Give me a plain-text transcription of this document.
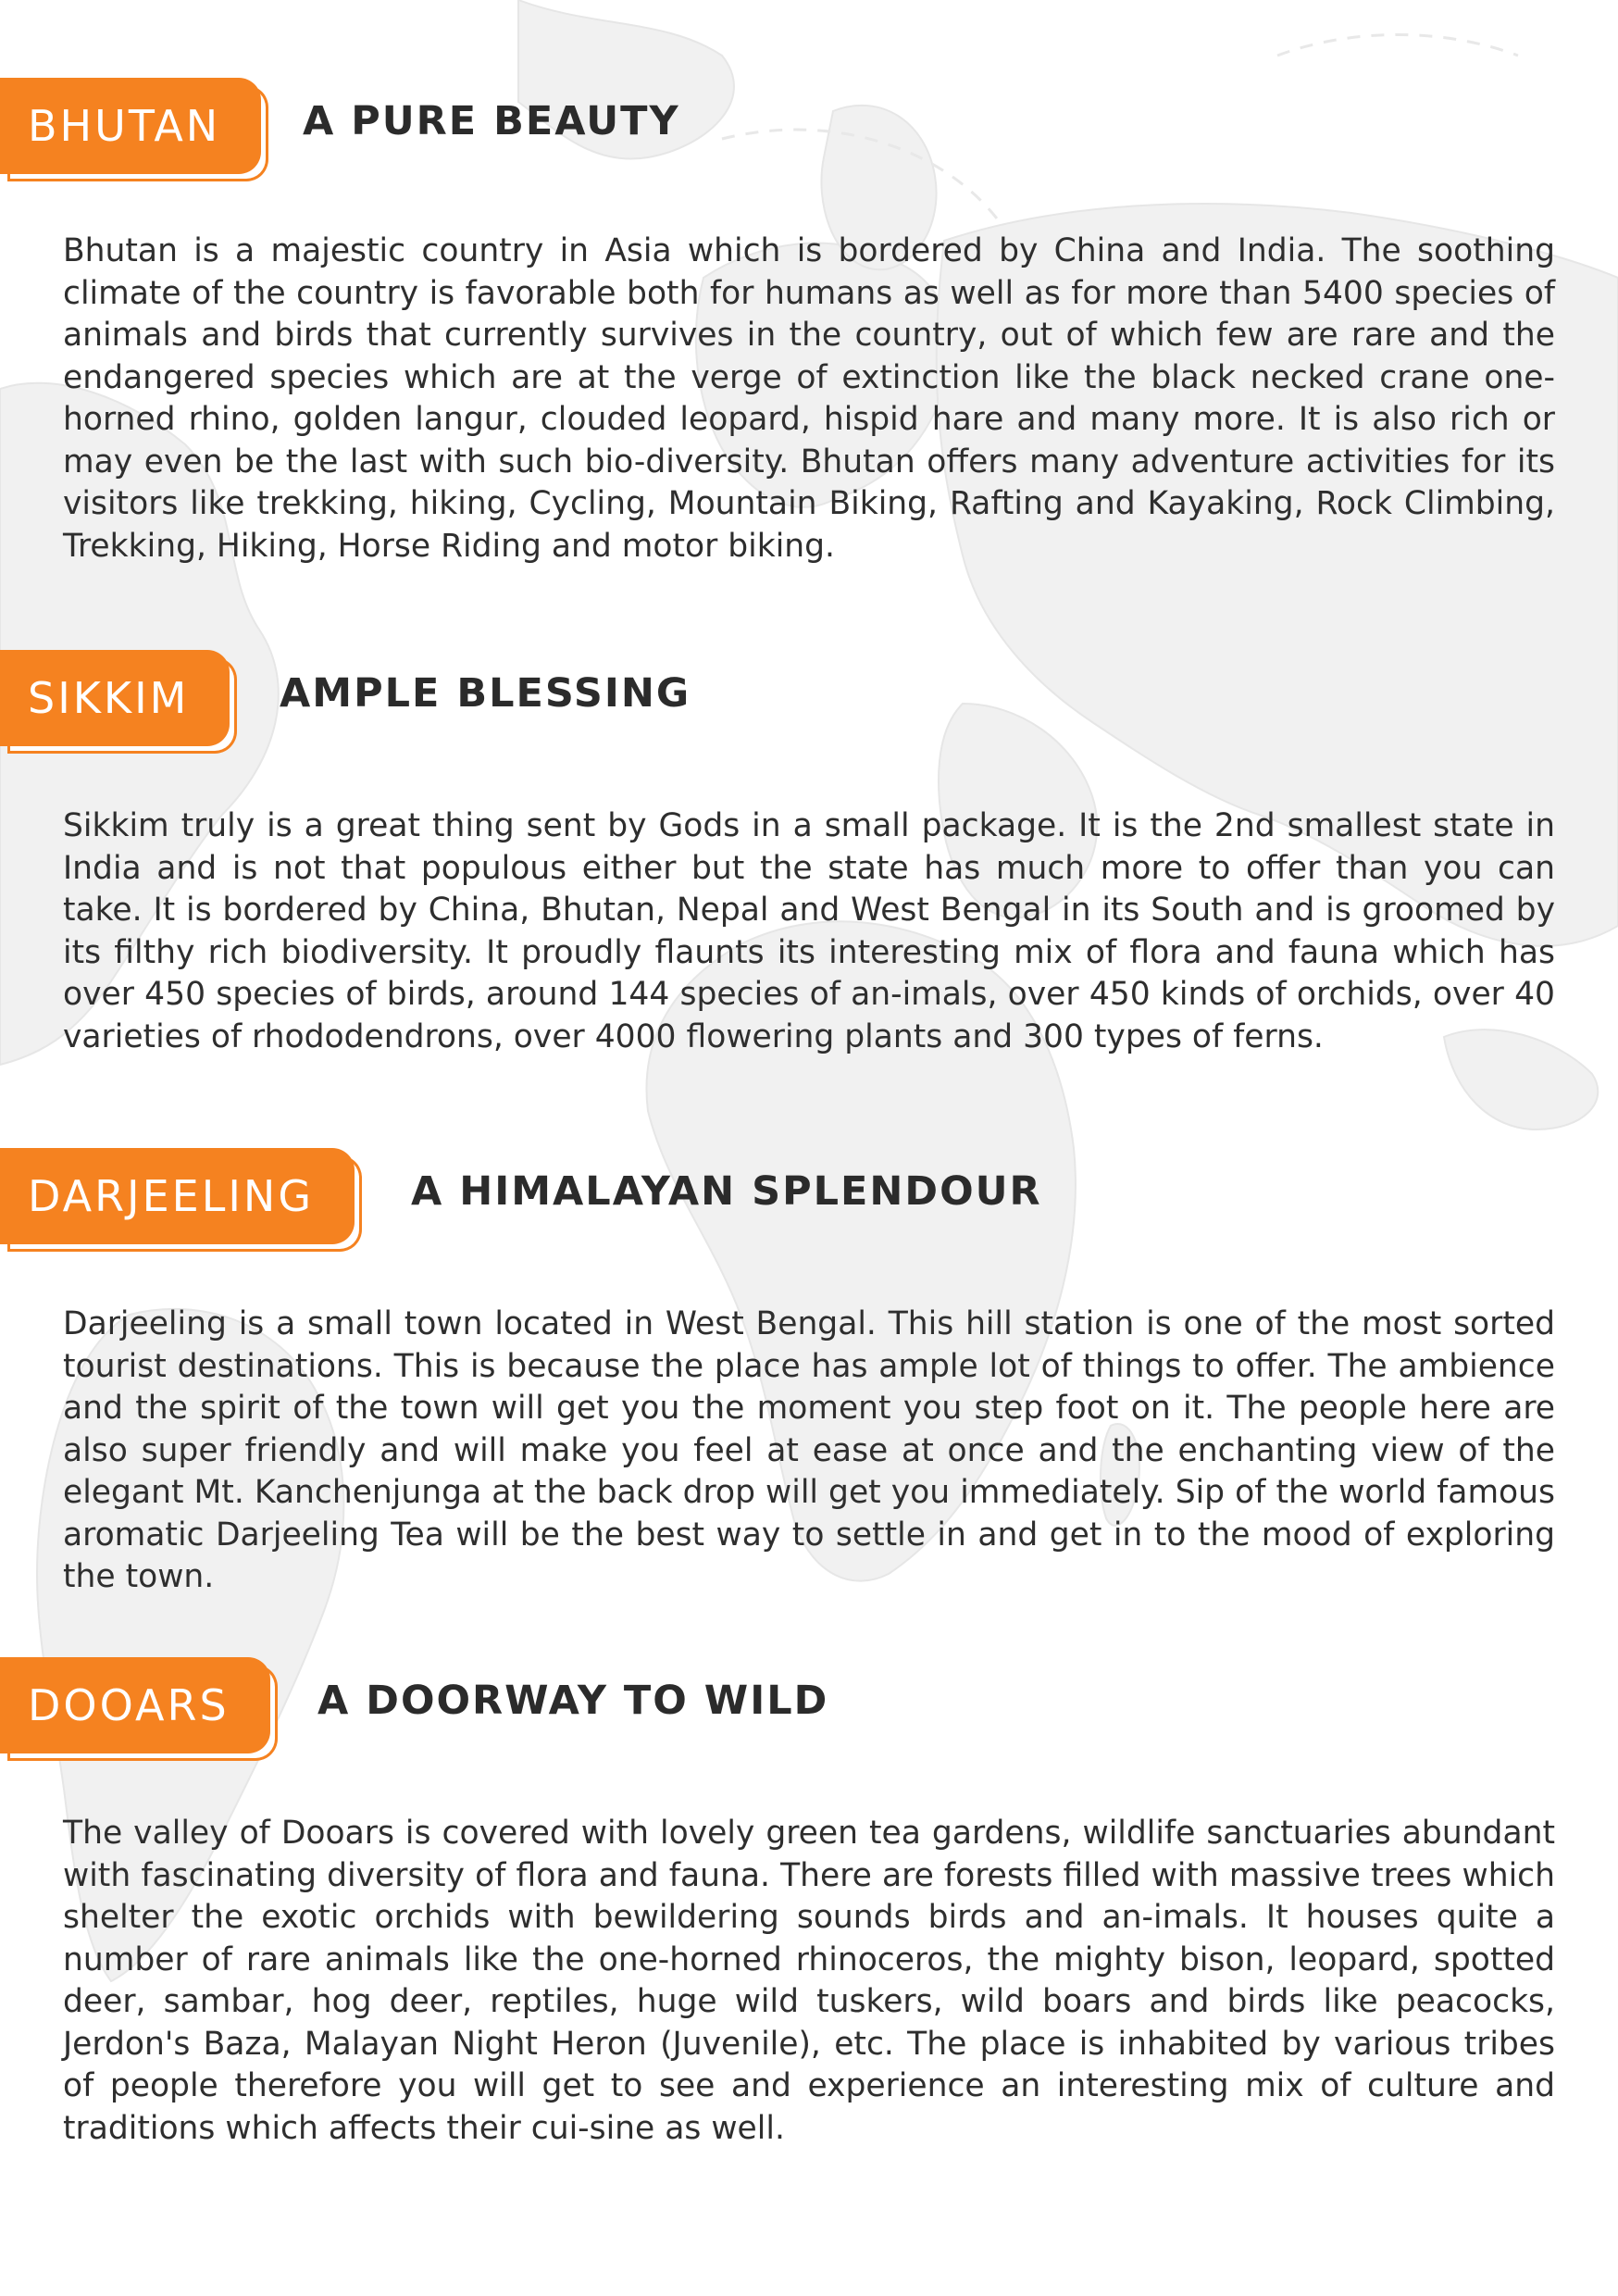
BHUTAN A PURE BEAUTY

Bhutan is a majestic country in Asia which is bordered by China and India. The soothing climate of the country is favorable both for humans as well as for more than 5400 species of animals and birds that currently survives in the country, out of which few are rare and the endangered species which are at the verge of extinction like the black necked crane one-horned rhino, golden langur, clouded leopard, hispid hare and many more. It is also rich or may even be the last with such bio-diversity. Bhutan offers many adventure activities for its visitors like trekking, hiking, Cycling, Mountain Biking, Rafting and Kayaking, Rock Climbing, Trekking, Hiking, Horse Riding and motor biking.

SIKKIM AMPLE BLESSING

Sikkim truly is a great thing sent by Gods in a small package. It is the 2nd smallest state in India and is not that populous either but the state has much more to offer than you can take. It is bordered by China, Bhutan, Nepal and West Bengal in its South and is groomed by its filthy rich biodiversity. It proudly flaunts its interesting mix of flora and fauna which has over 450 species of birds, around 144 species of an-imals, over 450 kinds of orchids, over 40 varieties of rhododendrons, over 4000 flowering plants and 300 types of ferns.

DARJEELING A HIMALAYAN SPLENDOUR

Darjeeling is a small town located in West Bengal. This hill station is one of the most sorted tourist destinations. This is because the place has ample lot of things to offer. The ambience and the spirit of the town will get you the moment you step foot on it. The people here are also super friendly and will make you feel at ease at once and the enchanting view of the elegant Mt. Kanchenjunga at the back drop will get you immediately. Sip of the world famous aromatic Darjeeling Tea will be the best way to settle in and get in to the mood of exploring the town.

DOOARS A DOORWAY TO WILD

The valley of Dooars is covered with lovely green tea gardens, wildlife sanctuaries abundant with fascinating diversity of flora and fauna. There are forests filled with massive trees which shelter the exotic orchids with bewildering sounds birds and an-imals. It houses quite a number of rare animals like the one-horned rhinoceros, the mighty bison, leopard, spotted deer, sambar, hog deer, reptiles, huge wild tuskers, wild boars and birds like peacocks, Jerdon's Baza, Malayan Night Heron (Juvenile), etc. The place is inhabited by various tribes of people therefore you will get to see and experience an interesting mix of culture and traditions which affects their cui-sine as well.
